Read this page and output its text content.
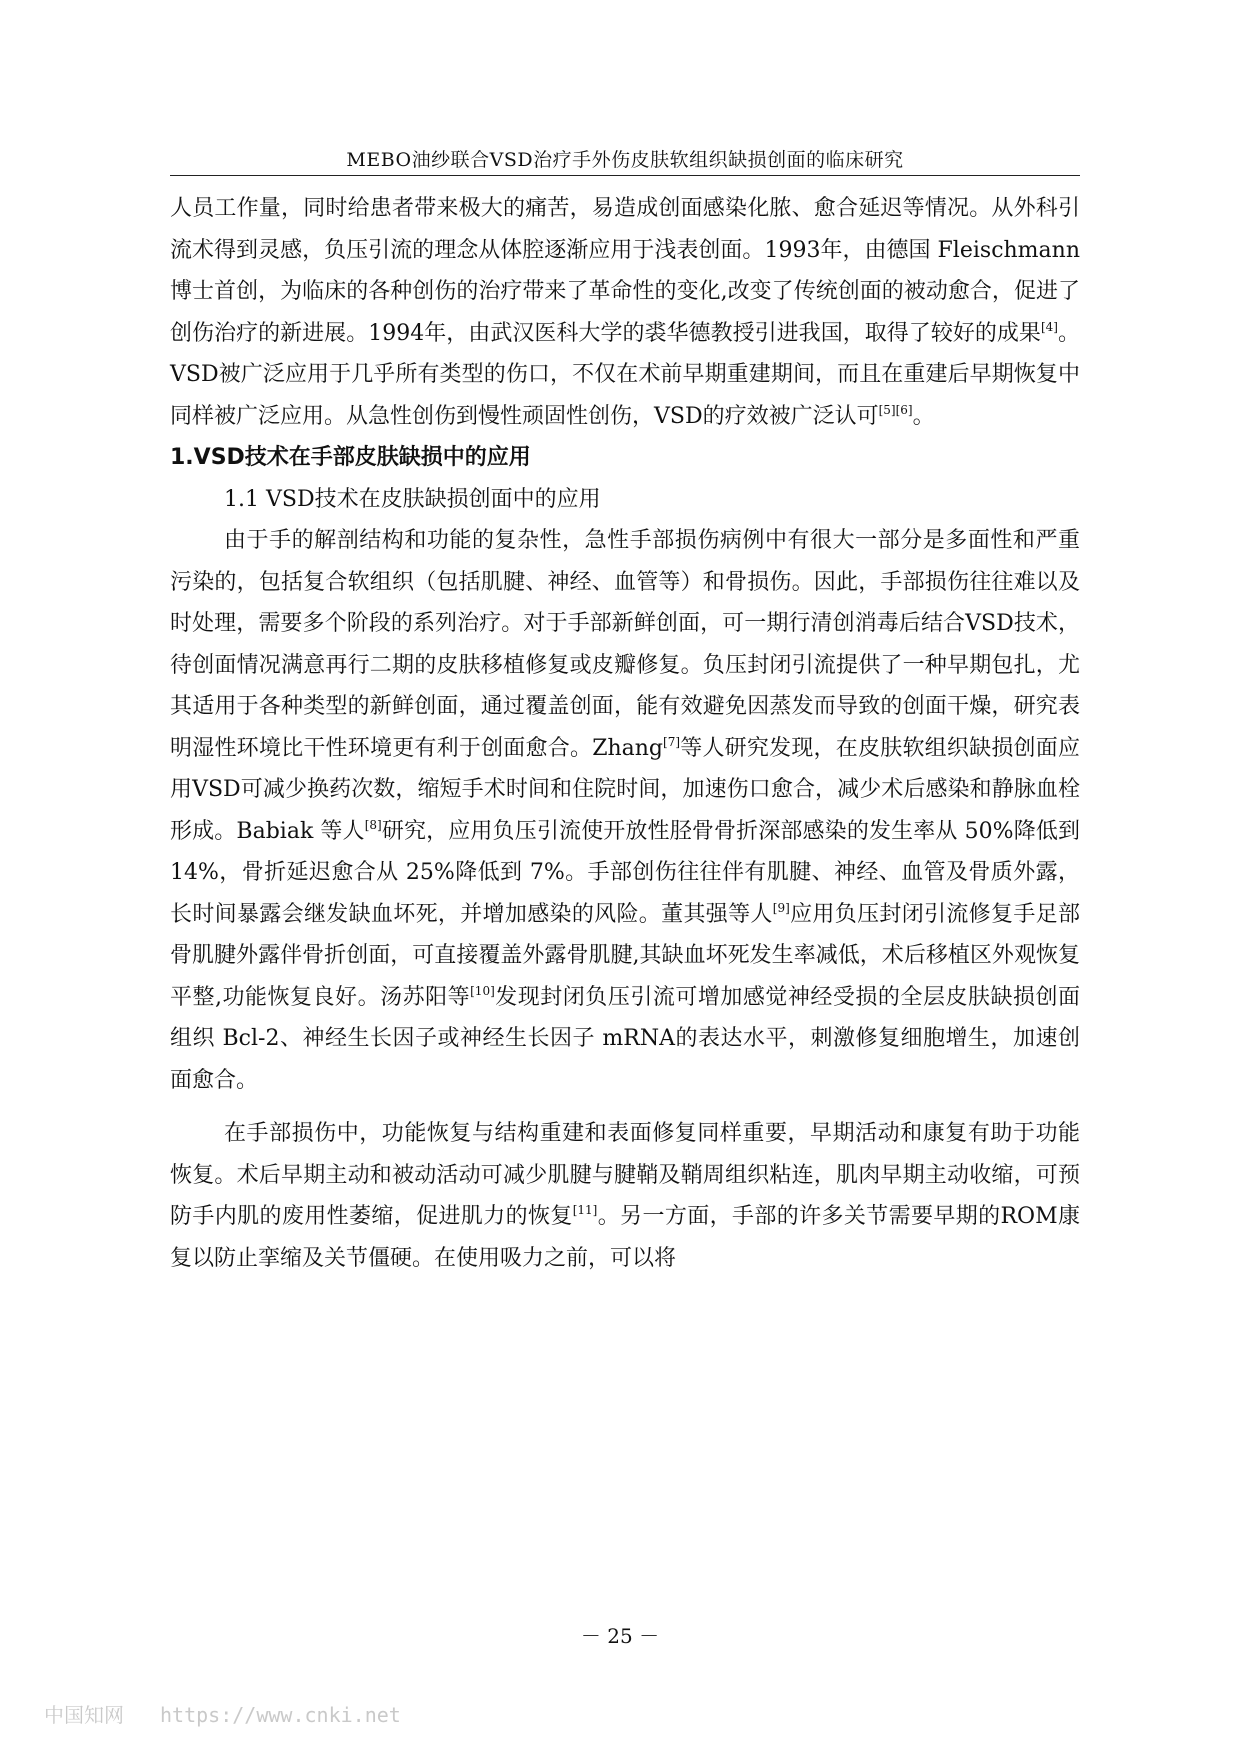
MEBO油纱联合VSD治疗手外伤皮肤软组织缺损创面的临床研究

人员工作量，同时给患者带来极大的痛苦，易造成创面感染化脓、愈合延迟等情况。从外科引流术得到灵感，负压引流的理念从体腔逐渐应用于浅表创面。1993年，由德国 Fleischmann 博士首创，为临床的各种创伤的治疗带来了革命性的变化,改变了传统创面的被动愈合，促进了创伤治疗的新进展。1994年，由武汉医科大学的裘华德教授引进我国，取得了较好的成果[4]。VSD被广泛应用于几乎所有类型的伤口，不仅在术前早期重建期间，而且在重建后早期恢复中同样被广泛应用。从急性创伤到慢性顽固性创伤，VSD的疗效被广泛认可[5][6]。

1.VSD技术在手部皮肤缺损中的应用

1.1 VSD技术在皮肤缺损创面中的应用

由于手的解剖结构和功能的复杂性，急性手部损伤病例中有很大一部分是多面性和严重污染的，包括复合软组织（包括肌腱、神经、血管等）和骨损伤。因此，手部损伤往往难以及时处理，需要多个阶段的系列治疗。对于手部新鲜创面，可一期行清创消毒后结合VSD技术，待创面情况满意再行二期的皮肤移植修复或皮瓣修复。负压封闭引流提供了一种早期包扎，尤其适用于各种类型的新鲜创面，通过覆盖创面，能有效避免因蒸发而导致的创面干燥，研究表明湿性环境比干性环境更有利于创面愈合。Zhang[7]等人研究发现，在皮肤软组织缺损创面应用VSD可减少换药次数，缩短手术时间和住院时间，加速伤口愈合，减少术后感染和静脉血栓形成。Babiak 等人[8]研究，应用负压引流使开放性胫骨骨折深部感染的发生率从 50%降低到 14%，骨折延迟愈合从 25%降低到 7%。手部创伤往往伴有肌腱、神经、血管及骨质外露，长时间暴露会继发缺血坏死，并增加感染的风险。董其强等人[9]应用负压封闭引流修复手足部骨肌腱外露伴骨折创面，可直接覆盖外露骨肌腱,其缺血坏死发生率减低，术后移植区外观恢复平整,功能恢复良好。汤苏阳等[10]发现封闭负压引流可增加感觉神经受损的全层皮肤缺损创面组织 Bcl-2、神经生长因子或神经生长因子 mRNA的表达水平，刺激修复细胞增生，加速创面愈合。

在手部损伤中，功能恢复与结构重建和表面修复同样重要，早期活动和康复有助于功能恢复。术后早期主动和被动活动可减少肌腱与腱鞘及鞘周组织粘连，肌肉早期主动收缩，可预防手内肌的废用性萎缩，促进肌力的恢复[11]。另一方面，手部的许多关节需要早期的ROM康复以防止挛缩及关节僵硬。在使用吸力之前，可以将

－ 25 －
中国知网 https://www.cnki.net
